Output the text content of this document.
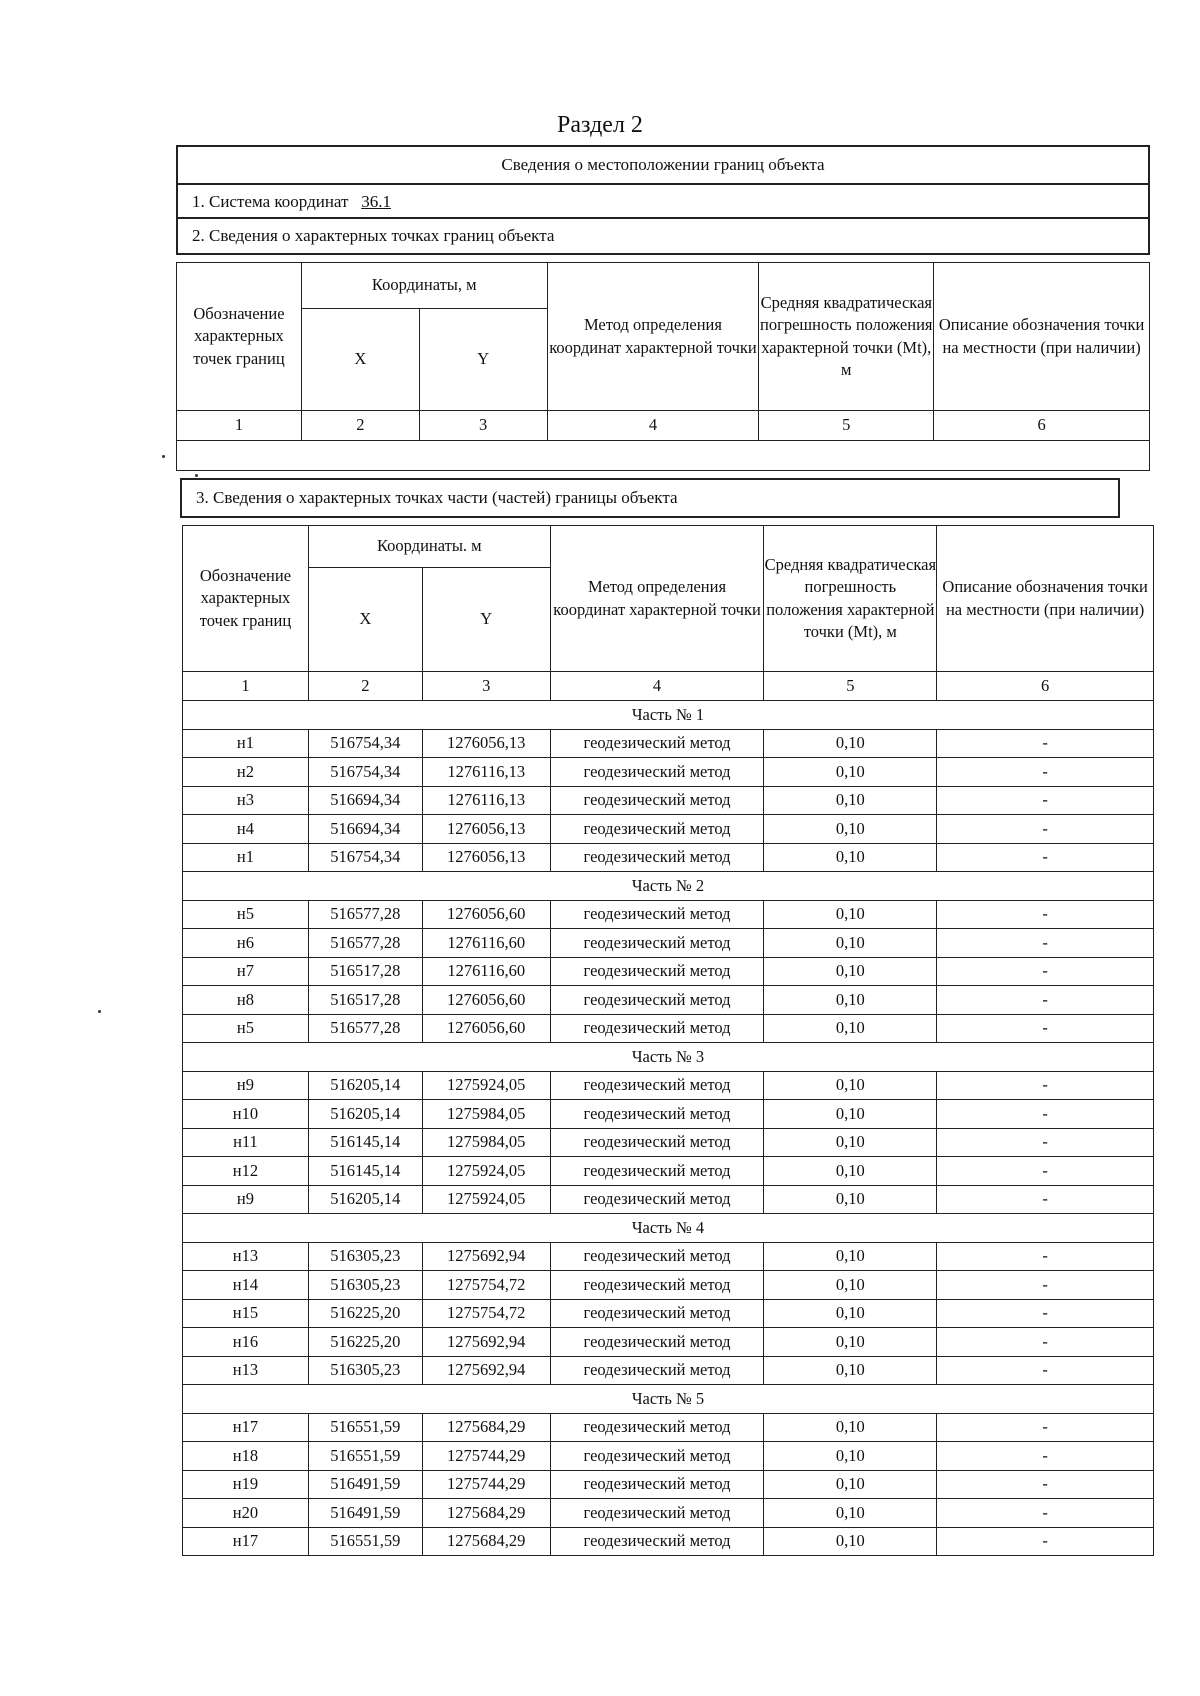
Раздел 2
Сведения о местоположении границ объекта
1. Система координат 36.1
2. Сведения о характерных точках границ объекта
Обозначение характерных точек границ	Координаты, м		Метод определения координат характерной точки	Средняя квадратическая погрешность положения характерной точки (Mt), м	Описание обозначения точки на местности (при наличии)
	X	Y			
1	2	3	4	5	6

3. Сведения о характерных точках части (частей) границы объекта
Обозначение характерных точек границ	Координаты. м		Метод определения координат характерной точки	Средняя квадратическая погрешность положения характерной точки (Mt), м	Описание обозначения точки на местности (при наличии)
	X	Y			
1	2	3	4	5	6
Часть № 1					
н1	516754,34	1276056,13	геодезический метод	0,10	-
н2	516754,34	1276116,13	геодезический метод	0,10	-
н3	516694,34	1276116,13	геодезический метод	0,10	-
н4	516694,34	1276056,13	геодезический метод	0,10	-
н1	516754,34	1276056,13	геодезический метод	0,10	-
Часть № 2					
н5	516577,28	1276056,60	геодезический метод	0,10	-
н6	516577,28	1276116,60	геодезический метод	0,10	-
н7	516517,28	1276116,60	геодезический метод	0,10	-
н8	516517,28	1276056,60	геодезический метод	0,10	-
н5	516577,28	1276056,60	геодезический метод	0,10	-
Часть № 3					
н9	516205,14	1275924,05	геодезический метод	0,10	-
н10	516205,14	1275984,05	геодезический метод	0,10	-
н11	516145,14	1275984,05	геодезический метод	0,10	-
н12	516145,14	1275924,05	геодезический метод	0,10	-
н9	516205,14	1275924,05	геодезический метод	0,10	-
Часть № 4					
н13	516305,23	1275692,94	геодезический метод	0,10	-
н14	516305,23	1275754,72	геодезический метод	0,10	-
н15	516225,20	1275754,72	геодезический метод	0,10	-
н16	516225,20	1275692,94	геодезический метод	0,10	-
н13	516305,23	1275692,94	геодезический метод	0,10	-
Часть № 5					
н17	516551,59	1275684,29	геодезический метод	0,10	-
н18	516551,59	1275744,29	геодезический метод	0,10	-
н19	516491,59	1275744,29	геодезический метод	0,10	-
н20	516491,59	1275684,29	геодезический метод	0,10	-
н17	516551,59	1275684,29	геодезический метод	0,10	-
